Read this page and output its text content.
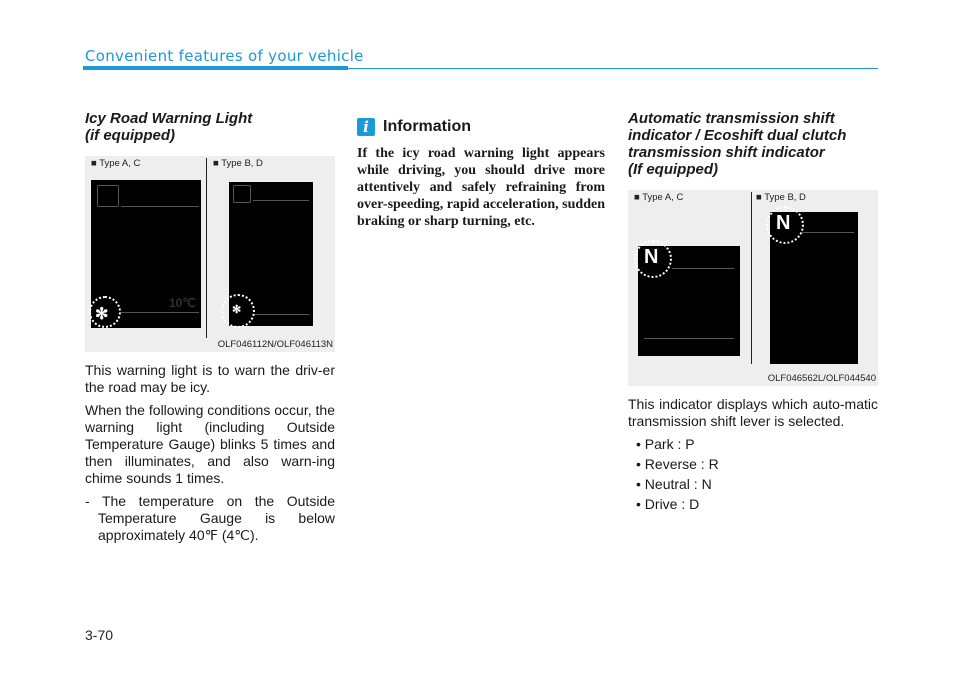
Convenient features of your vehicle
Icy Road Warning Light
(if equipped)
■ Type A, C	■ Type B, D
10℃
✻	✻
OLF046112N/OLF046113N

This warning light is to warn the driv-er the road may be icy.

When the following conditions occur, the warning light (including Outside Temperature Gauge) blinks 5 times and then illuminates, and also warn-ing chime sounds 1 times.

- The temperature on the Outside Temperature Gauge is below approximately 40℉ (4℃).

i Information

If the icy road warning light appears while driving, you should drive more attentively and safely refraining from over-speeding, rapid acceleration, sudden braking or sharp turning, etc.

Automatic transmission shift
indicator / Ecoshift dual clutch
transmission shift indicator
(If equipped)
■ Type A, C	■ Type B, D
N
N
OLF046562L/OLF044540

This indicator displays which auto-matic transmission shift lever is selected.

• Park : P
• Reverse : R
• Neutral : N
• Drive : D
3-70
